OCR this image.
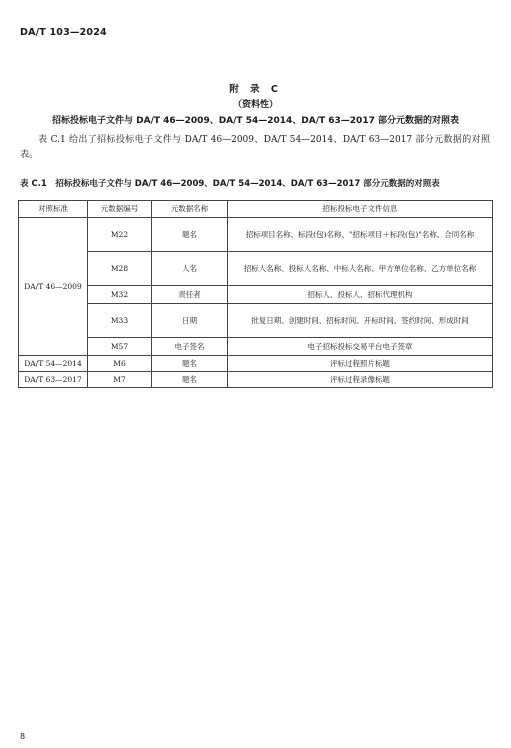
DA/T 103—2024
附 录 C
（资料性）
招标投标电子文件与 DA/T 46—2009、DA/T 54—2014、DA/T 63—2017 部分元数据的对照表
表 C.1 给出了招标投标电子文件与 DA/T 46—2009、DA/T 54—2014、DA/T 63—2017 部分元数据的对照表。
表 C.1　招标投标电子文件与 DA/T 46—2009、DA/T 54—2014、DA/T 63—2017 部分元数据的对照表
对照标准	元数据编号	元数据名称	招标投标电子文件信息
DA/T 46—2009	M22	题名	招标项目名称、标段(包)名称、"招标项目＋标段(包)"名称、合同名称
	M28	人名	招标人名称、投标人名称、中标人名称、甲方单位名称、乙方单位名称
	M32	责任者	招标人、投标人、招标代理机构
	M33	日期	批复日期、创建时间、招标时间、开标时间、签约时间、形成时间
	M57	电子签名	电子招标投标交易平台电子签章
DA/T 54—2014	M6	题名	评标过程照片标题
DA/T 63—2017	M7	题名	评标过程录像标题
8
